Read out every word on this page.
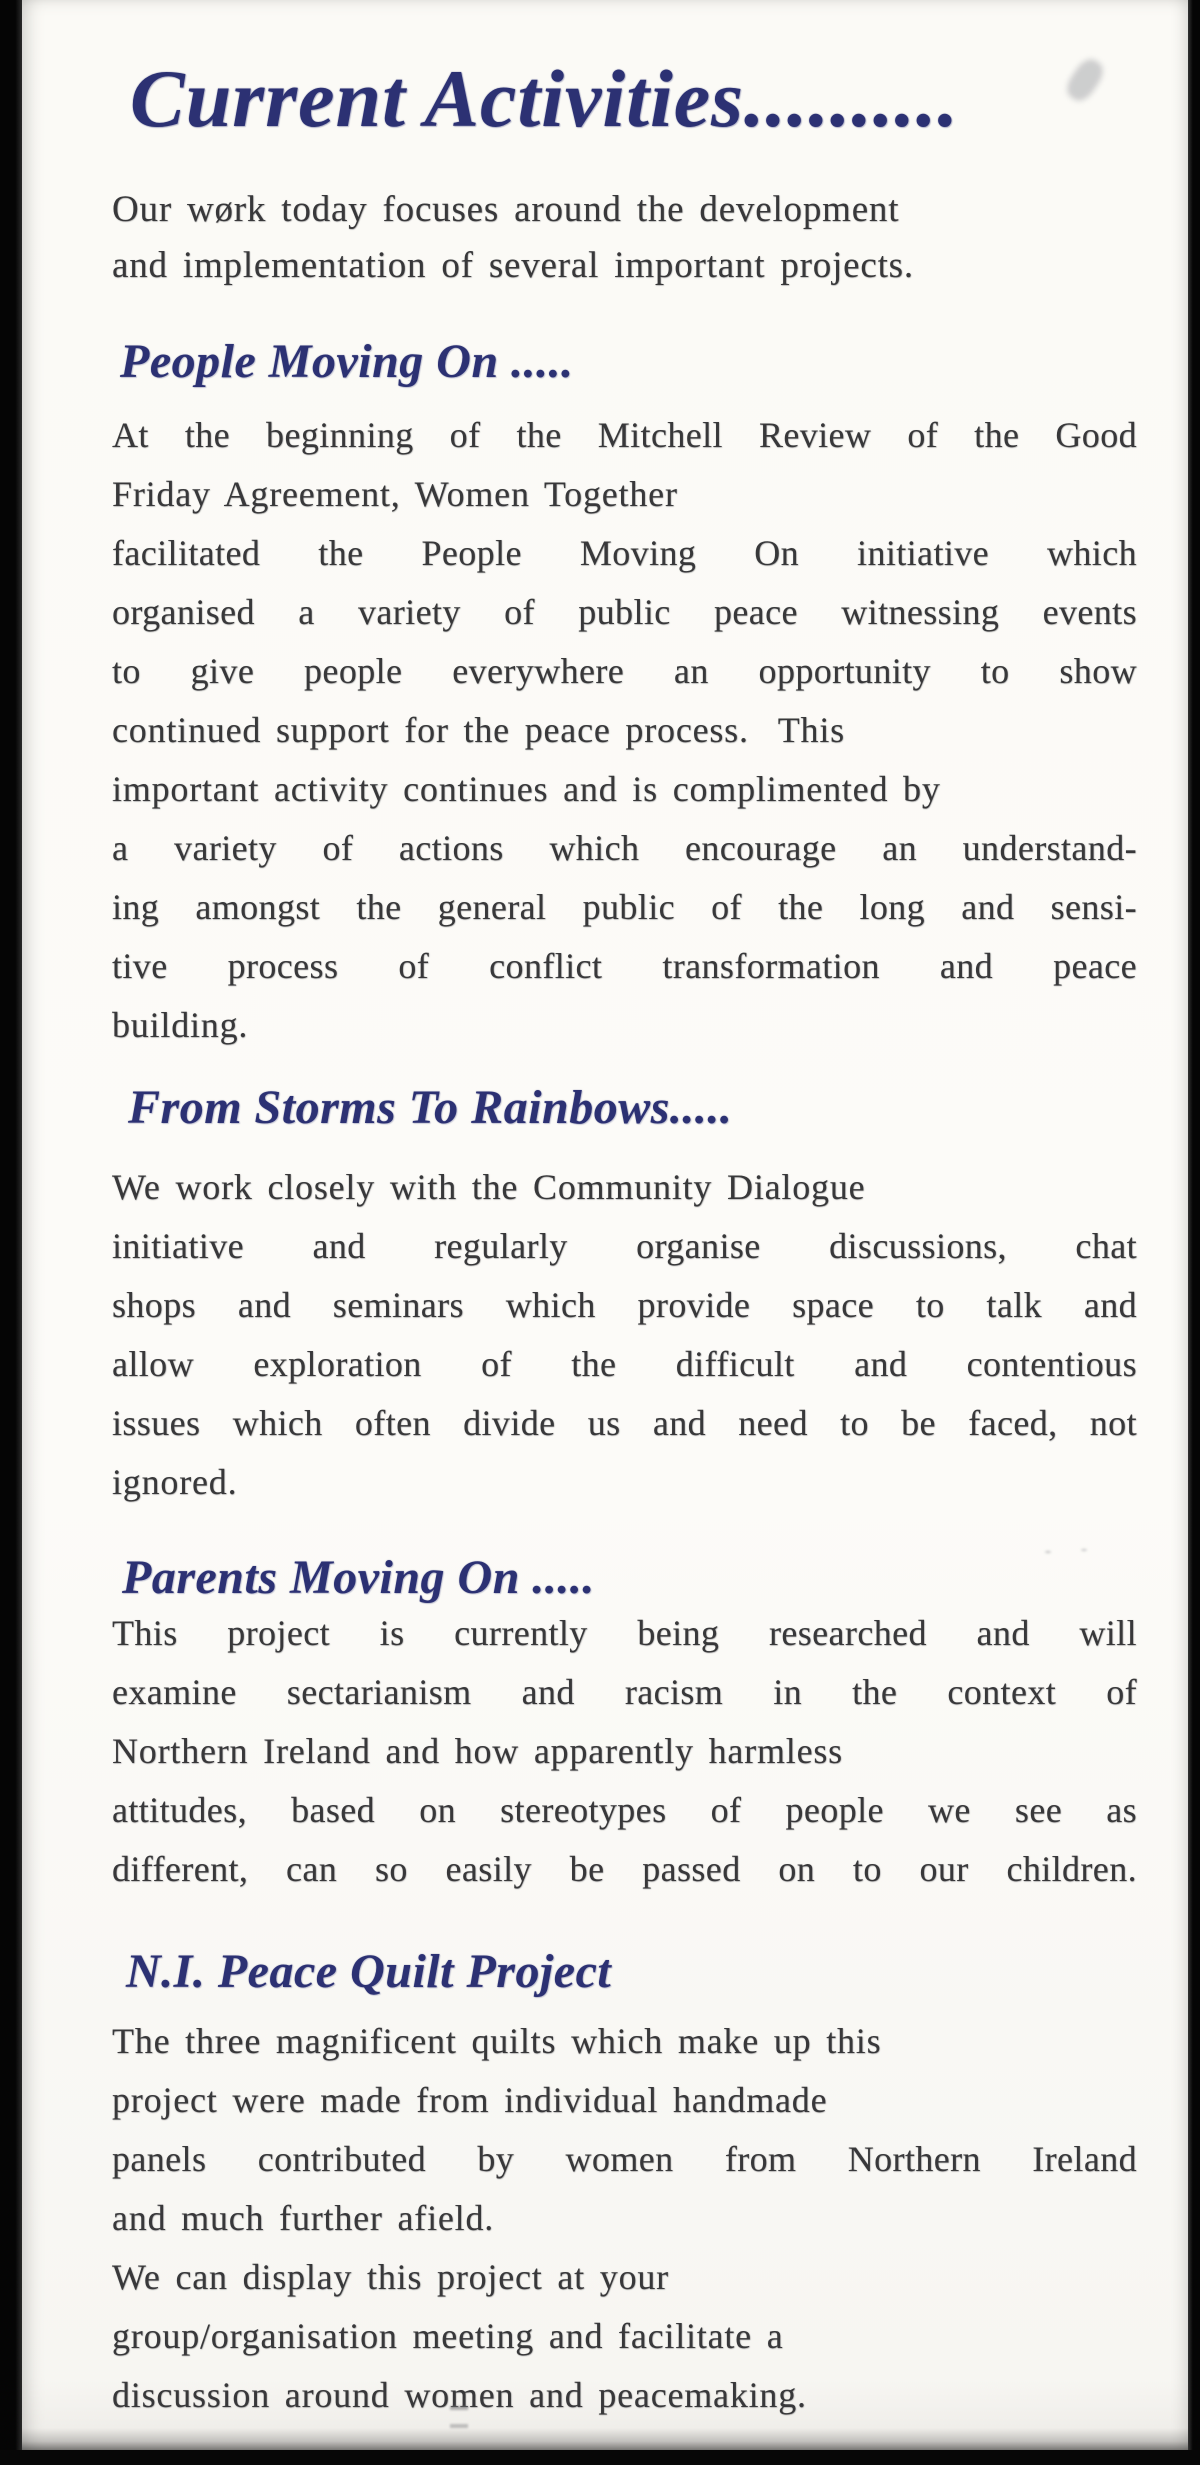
Current Activities..........
Our wørk today focuses around the development
and implementation of several important projects.
People Moving On .....
At the beginning of the Mitchell Review of the Good
Friday Agreement, Women Together
facilitated the People Moving On initiative which
organised a variety of public peace witnessing events
to give people everywhere an opportunity to show
continued support for the peace process.  This
important activity continues and is complimented by
a variety of actions which encourage an understand-
ing amongst the general public of the long and sensi-
tive process of conflict transformation and peace
building.
From Storms To Rainbows.....
We work closely with the Community Dialogue
initiative and regularly organise discussions, chat
shops and seminars which provide space to talk and
allow exploration of the difficult and contentious
issues which often divide us and need to be faced, not
ignored.
Parents Moving On .....
This project is currently being researched and will
examine sectarianism and racism in the context of
Northern Ireland and how apparently harmless
attitudes, based on stereotypes of people we see as
different, can so easily be passed on to our children.
N.I. Peace Quilt Project
The three magnificent quilts which make up this
project were made from individual handmade
panels contributed by women from Northern Ireland
and much further afield.
We can display this project at your
group/organisation meeting and facilitate a
discussion around women and peacemaking.
